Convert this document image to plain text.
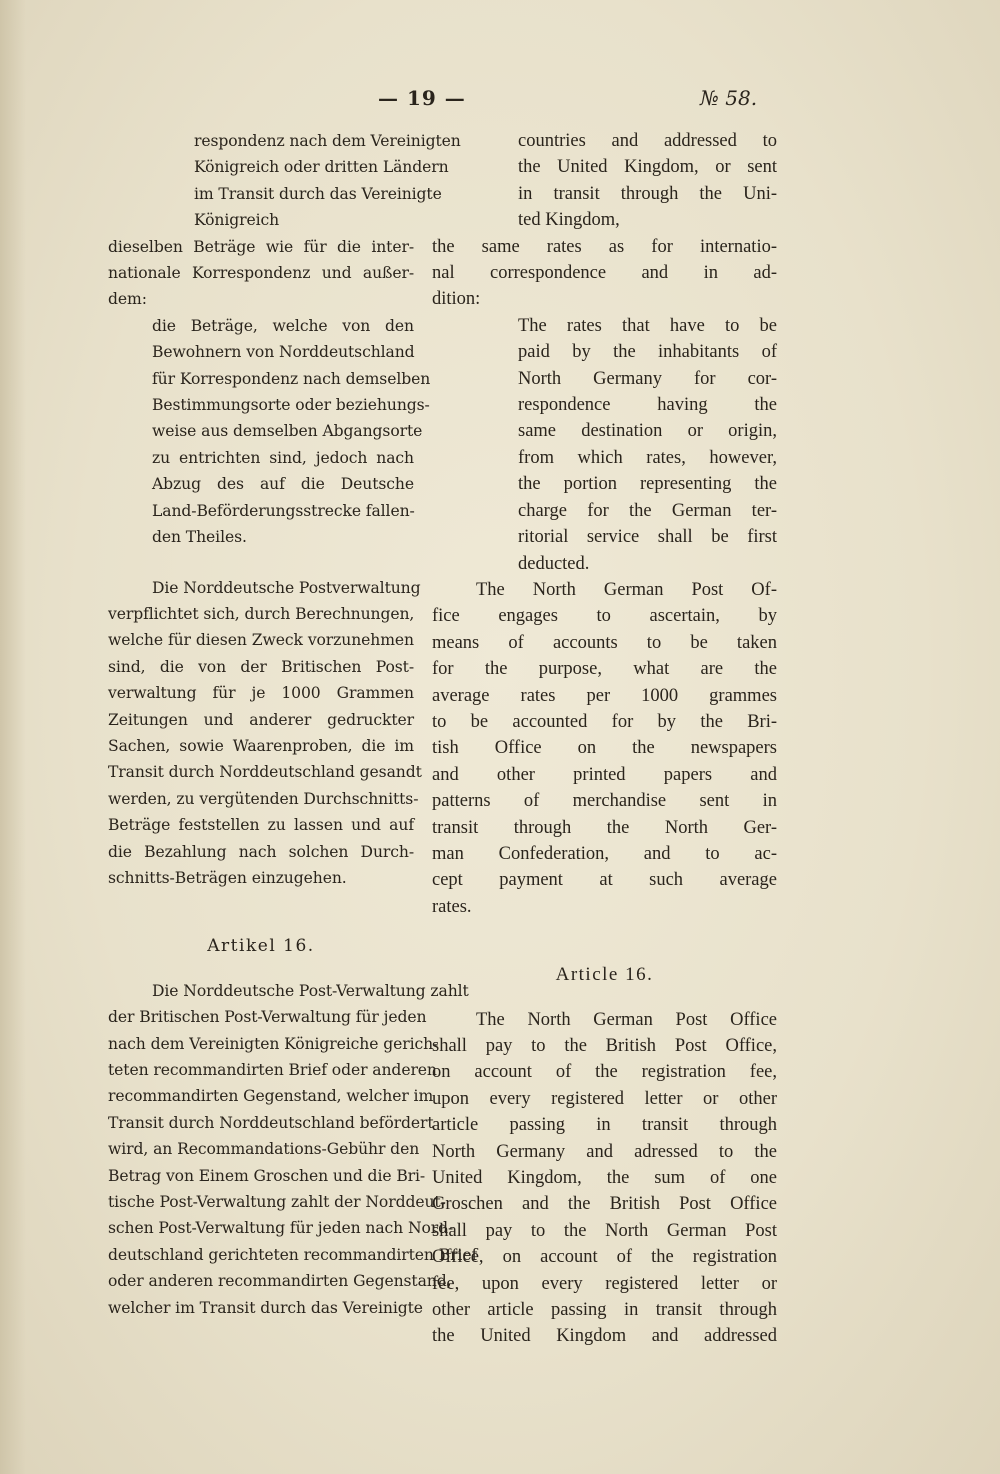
— 19 —	№ 58.
respondenz nach dem Vereinigten
Königreich oder dritten Ländern
im Transit durch das Vereinigte
Königreich
dieselben Beträge wie für die inter-
nationale Korrespondenz und außer-
dem:
die Beträge, welche von den
Bewohnern von Norddeutschland
für Korrespondenz nach demselben
Bestimmungsorte oder beziehungs-
weise aus demselben Abgangsorte
zu entrichten sind, jedoch nach
Abzug des auf die Deutsche
Land-Beförderungsstrecke fallen-
den Theiles.
Die Norddeutsche Postverwaltung
verpflichtet sich, durch Berechnungen,
welche für diesen Zweck vorzunehmen
sind, die von der Britischen Post-
verwaltung für je 1000 Grammen
Zeitungen und anderer gedruckter
Sachen, sowie Waarenproben, die im
Transit durch Norddeutschland gesandt
werden, zu vergütenden Durchschnitts-
Beträge feststellen zu lassen und auf
die Bezahlung nach solchen Durch-
schnitts-Beträgen einzugehen.
Artikel 16.
Die Norddeutsche Post-Verwaltung zahlt
der Britischen Post-Verwaltung für jeden
nach dem Vereinigten Königreiche gerich-
teten recommandirten Brief oder anderen
recommandirten Gegenstand, welcher im
Transit durch Norddeutschland befördert
wird, an Recommandations-Gebühr den
Betrag von Einem Groschen und die Bri-
tische Post-Verwaltung zahlt der Norddeut-
schen Post-Verwaltung für jeden nach Nord-
deutschland gerichteten recommandirten Brief
oder anderen recommandirten Gegenstand,
welcher im Transit durch das Vereinigte
countries and addressed to
the United Kingdom, or sent
in transit through the Uni-
ted Kingdom,
the same rates as for internatio-
nal correspondence and in ad-
dition:
The rates that have to be
paid by the inhabitants of
North Germany for cor-
respondence having the
same destination or origin,
from which rates, however,
the portion representing the
charge for the German ter-
ritorial service shall be first
deducted.
The North German Post Of-
fice engages to ascertain, by
means of accounts to be taken
for the purpose, what are the
average rates per 1000 grammes
to be accounted for by the Bri-
tish Office on the newspapers
and other printed papers and
patterns of merchandise sent in
transit through the North Ger-
man Confederation, and to ac-
cept payment at such average
rates.
Article 16.
The North German Post Office
shall pay to the British Post Office,
on account of the registration fee,
upon every registered letter or other
article passing in transit through
North Germany and adressed to the
United Kingdom, the sum of one
Groschen and the British Post Office
shall pay to the North German Post
Office, on account of the registration
fee, upon every registered letter or
other article passing in transit through
the United Kingdom and addressed
